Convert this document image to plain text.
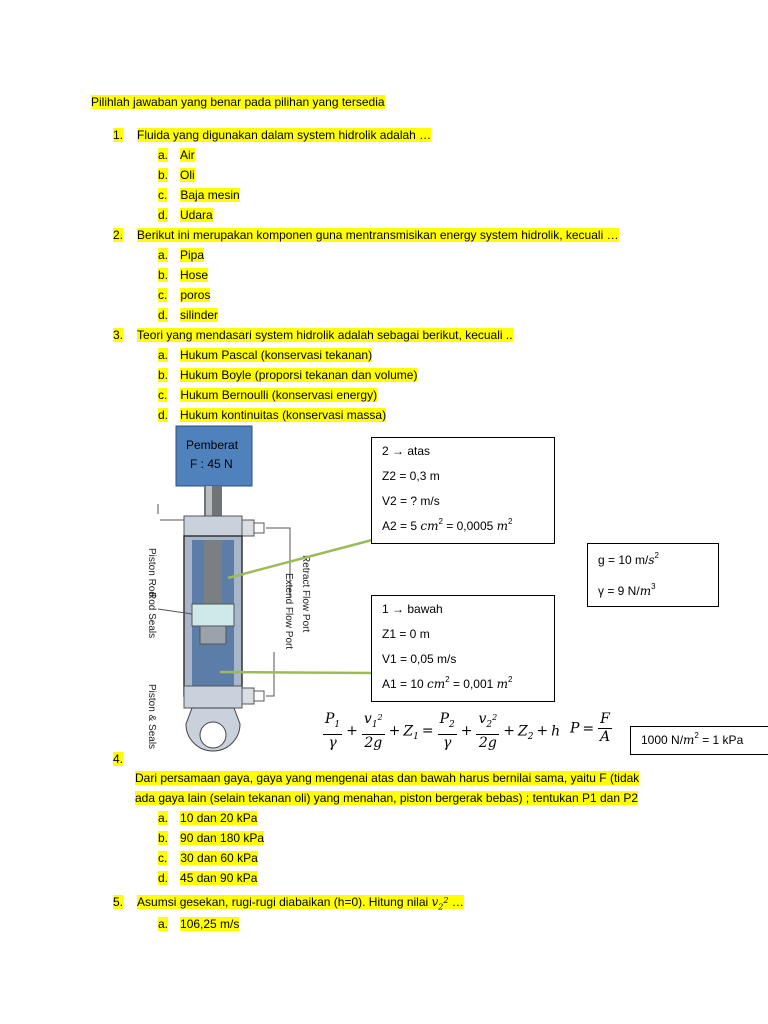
Pilihlah jawaban yang benar pada pilihan yang tersedia
1. Fluida yang digunakan dalam system hidrolik adalah …
a. Air
b. Oli
c. Baja mesin
d. Udara
2. Berikut ini merupakan komponen guna mentransmisikan energy system hidrolik, kecuali …
a. Pipa
b. Hose
c. poros
d. silinder
3. Teori yang mendasari system hidrolik adalah sebagai berikut, kecuali ..
a. Hukum Pascal (konservasi tekanan)
b. Hukum Boyle (proporsi tekanan dan volume)
c. Hukum Bernoulli (konservasi energy)
d. Hukum kontinuitas (konservasi massa)
Pemberat
F : 45 N
Piston Rod
Rod Seals
Piston & Seals
Retract Flow Port
Extend Flow Port
2 → atas
Z2 = 0,3 m
V2 = ? m/s
A2 = 5 $cm^2 = 0,0005$ $m^2$
g = 10 $m/s^2$
γ = 9 $N/m^3$
1 → bawah
Z1 = 0 m
V1 = 0,05 m/s
A1 = 10 $cm^2 = 0,001$ $m^2$
$\frac{P_1}{\gamma} + \frac{v_1^2}{2g} + Z_1 = \frac{P_2}{\gamma} + \frac{v_2^2}{2g} + Z_2 + h$ $P = \frac{F}{A} 1000$ $N/m^2 = 1$ kPa
4.
Dari persamaan gaya, gaya yang mengenai atas dan bawah harus bernilai sama, yaitu F (tidak
ada gaya lain (selain tekanan oli) yang menahan, piston bergerak bebas) ; tentukan P1 dan P2
a. 10 dan 20 kPa
b. 90 dan 180 kPa
c. 30 dan 60 kPa
d. 45 dan 90 kPa
5. Asumsi gesekan, rugi-rugi diabaikan (h=0). Hitung nilai $v_2^2$ …
a. 106,25 m/s
